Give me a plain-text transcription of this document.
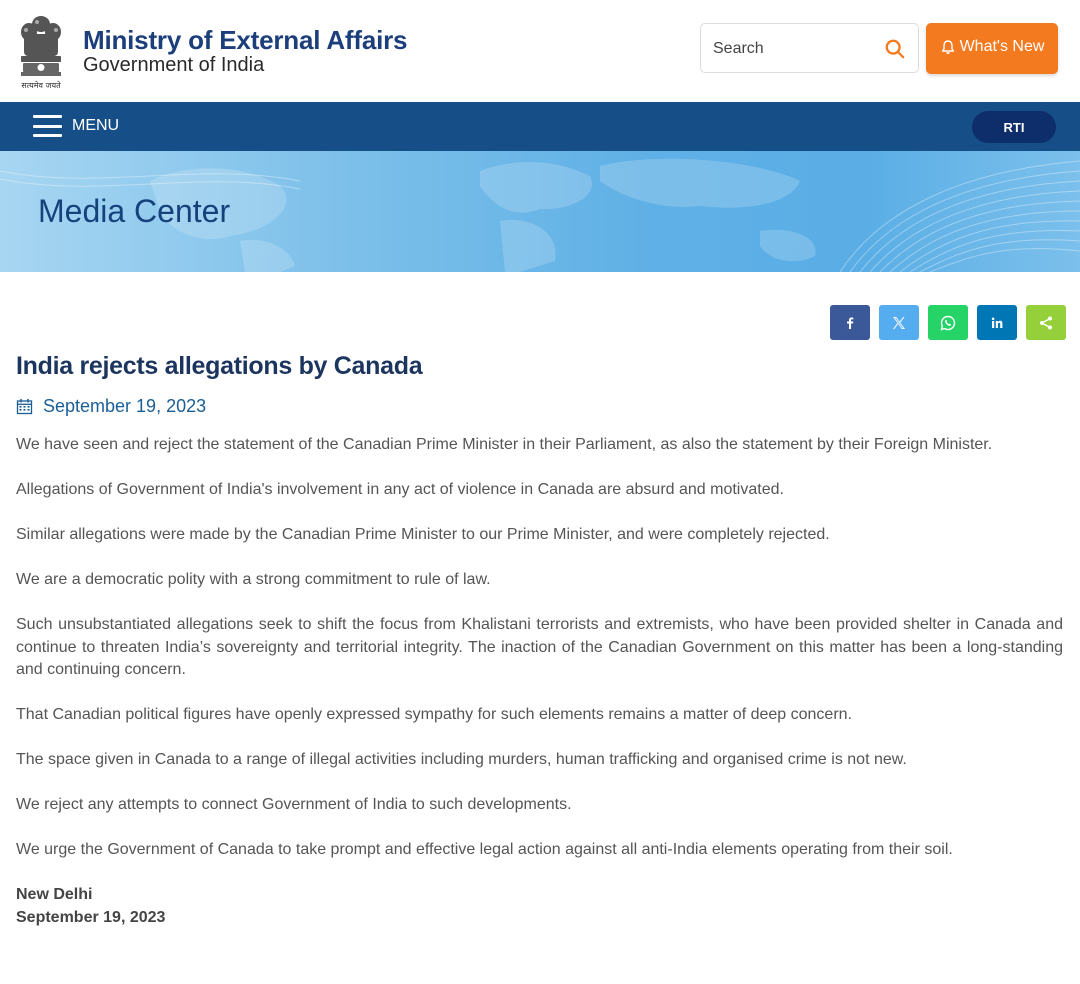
सत्यमेव जयते
Ministry of External Affairs
Government of India
Search
What's New
MENU	RTI
Media Center
India rejects allegations by Canada
September 19, 2023

We have seen and reject the statement of the Canadian Prime Minister in their Parliament, as also the statement by their Foreign Minister.

Allegations of Government of India's involvement in any act of violence in Canada are absurd and motivated.

Similar allegations were made by the Canadian Prime Minister to our Prime Minister, and were completely rejected.

We are a democratic polity with a strong commitment to rule of law.

Such unsubstantiated allegations seek to shift the focus from Khalistani terrorists and extremists, who have been provided shelter in Canada and continue to threaten India’s sovereignty and territorial integrity. The inaction of the Canadian Government on this matter has been a long-standing and continuing concern.

That Canadian political figures have openly expressed sympathy for such elements remains a matter of deep concern.

The space given in Canada to a range of illegal activities including murders, human trafficking and organised crime is not new.

We reject any attempts to connect Government of India to such developments.

We urge the Government of Canada to take prompt and effective legal action against all anti-India elements operating from their soil.

New Delhi
September 19, 2023
